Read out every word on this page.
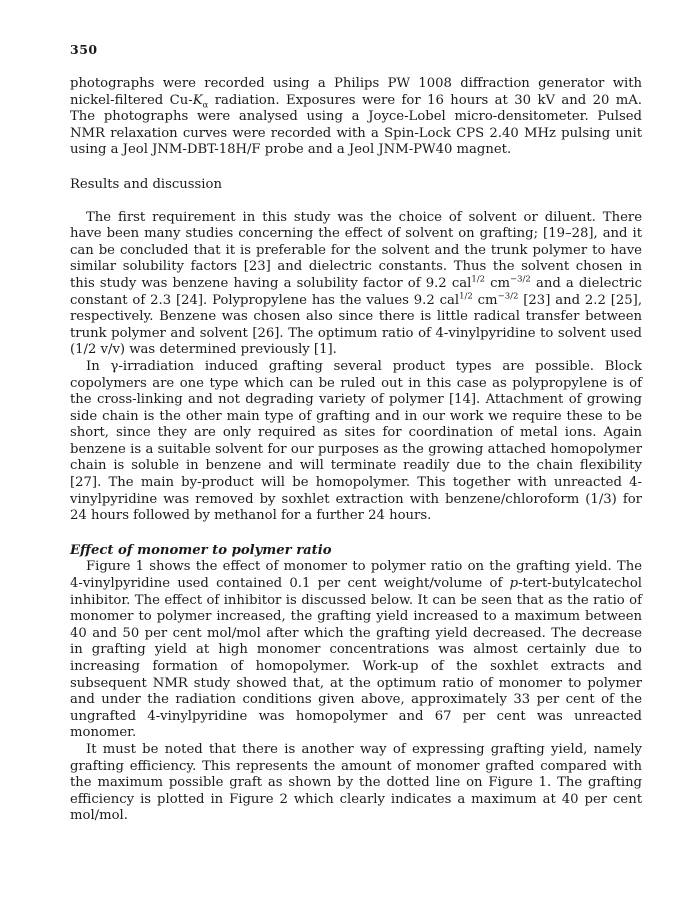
350

photographs were recorded using a Philips PW 1008 diffraction generator with nickel-filtered $Cu-K_\alpha$ radiation. Exposures were for 16 hours at 30 kV and 20 mA. The photographs were analysed using a Joyce-Lobel micro-densitometer. Pulsed NMR relaxation curves were recorded with a Spin-Lock CPS 2.40 MHz pulsing unit using a Jeol JNM-DBT-18H/F probe and a Jeol JNM-PW40 magnet.

Results and discussion

The first requirement in this study was the choice of solvent or diluent. There have been many studies concerning the effect of solvent on grafting; [19–28], and it can be concluded that it is preferable for the solvent and the trunk polymer to have similar solubility factors [23] and dielectric constants. Thus the solvent chosen in this study was benzene having a solubility factor of 9.2 cal$^{1/2}$ $cm^{-3/2}$ and a dielectric constant of 2.3 [24]. Polypropylene has the values 9.2 cal$^{1/2}$ $cm^{-3/2}$ [23] and 2.2 [25], respectively. Benzene was chosen also since there is little radical transfer between trunk polymer and solvent [26]. The optimum ratio of 4-vinylpyridine to solvent used (1/2 v/v) was determined previously [1].

In γ-irradiation induced grafting several product types are possible. Block copolymers are one type which can be ruled out in this case as polypropylene is of the cross-linking and not degrading variety of polymer [14]. Attachment of growing side chain is the other main type of grafting and in our work we require these to be short, since they are only required as sites for coordination of metal ions. Again benzene is a suitable solvent for our purposes as the growing attached homopolymer chain is soluble in benzene and will terminate readily due to the chain flexibility [27]. The main by-product will be homopolymer. This together with unreacted 4-vinylpyridine was removed by soxhlet extraction with benzene/chloroform (1/3) for 24 hours followed by methanol for a further 24 hours.

Effect of monomer to polymer ratio

Figure 1 shows the effect of monomer to polymer ratio on the grafting yield. The 4-vinylpyridine used contained 0.1 per cent weight/volume of p-tert-butylcatechol inhibitor. The effect of inhibitor is discussed below. It can be seen that as the ratio of monomer to polymer increased, the grafting yield increased to a maximum between 40 and 50 per cent mol/mol after which the grafting yield decreased. The decrease in grafting yield at high monomer concentrations was almost certainly due to increasing formation of homopolymer. Work-up of the soxhlet extracts and subsequent NMR study showed that, at the optimum ratio of monomer to polymer and under the radiation conditions given above, approximately 33 per cent of the ungrafted 4-vinylpyridine was homopolymer and 67 per cent was unreacted monomer.

It must be noted that there is another way of expressing grafting yield, namely grafting efficiency. This represents the amount of monomer grafted compared with the maximum possible graft as shown by the dotted line on Figure 1. The grafting efficiency is plotted in Figure 2 which clearly indicates a maximum at 40 per cent mol/mol.
